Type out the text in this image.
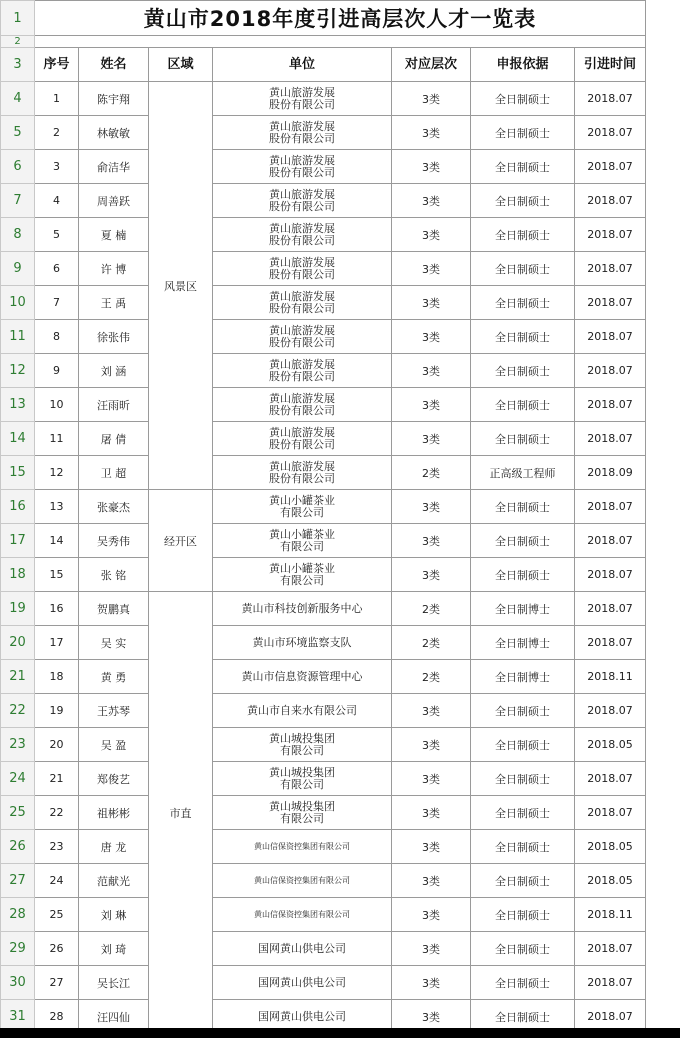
1	黄山市2018年度引进高层次人才一览表							
2								
3	序号	姓名	区域	单位	对应层次	申报依据	引进时间	
4	1	陈宇翔	风景区	黄山旅游发展
股份有限公司	3类	全日制硕士	2018.07	
5	2	林敏敏		黄山旅游发展
股份有限公司	3类	全日制硕士	2018.07	
6	3	俞洁华		黄山旅游发展
股份有限公司	3类	全日制硕士	2018.07	
7	4	周善跃		黄山旅游发展
股份有限公司	3类	全日制硕士	2018.07	
8	5	夏 楠		黄山旅游发展
股份有限公司	3类	全日制硕士	2018.07	
9	6	许 博		黄山旅游发展
股份有限公司	3类	全日制硕士	2018.07	
10	7	王 禹		黄山旅游发展
股份有限公司	3类	全日制硕士	2018.07	
11	8	徐张伟		黄山旅游发展
股份有限公司	3类	全日制硕士	2018.07	
12	9	刘 涵		黄山旅游发展
股份有限公司	3类	全日制硕士	2018.07	
13	10	汪雨昕		黄山旅游发展
股份有限公司	3类	全日制硕士	2018.07	
14	11	屠 倩		黄山旅游发展
股份有限公司	3类	全日制硕士	2018.07	
15	12	卫 超		黄山旅游发展
股份有限公司	2类	正高级工程师	2018.09	
16	13	张豪杰	经开区	黄山小罐茶业
有限公司	3类	全日制硕士	2018.07	
17	14	吴秀伟		黄山小罐茶业
有限公司	3类	全日制硕士	2018.07	
18	15	张 铭		黄山小罐茶业
有限公司	3类	全日制硕士	2018.07	
19	16	贺鹏真	市直	黄山市科技创新服务中心	2类	全日制博士	2018.07	
20	17	吴 实		黄山市环境监察支队	2类	全日制博士	2018.07	
21	18	黄 勇		黄山市信息资源管理中心	2类	全日制博士	2018.11	
22	19	王苏琴		黄山市自来水有限公司	3类	全日制硕士	2018.07	
23	20	吴 盈		黄山城投集团
有限公司	3类	全日制硕士	2018.05	
24	21	郑俊艺		黄山城投集团
有限公司	3类	全日制硕士	2018.07	
25	22	祖彬彬		黄山城投集团
有限公司	3类	全日制硕士	2018.07	
26	23	唐 龙		黄山信保资控集团有限公司	3类	全日制硕士	2018.05	
27	24	范献光		黄山信保资控集团有限公司	3类	全日制硕士	2018.05	
28	25	刘 琳		黄山信保资控集团有限公司	3类	全日制硕士	2018.11	
29	26	刘 琦		国网黄山供电公司	3类	全日制硕士	2018.07	
30	27	吴长江		国网黄山供电公司	3类	全日制硕士	2018.07	
31	28	汪四仙		国网黄山供电公司	3类	全日制硕士	2018.07	
